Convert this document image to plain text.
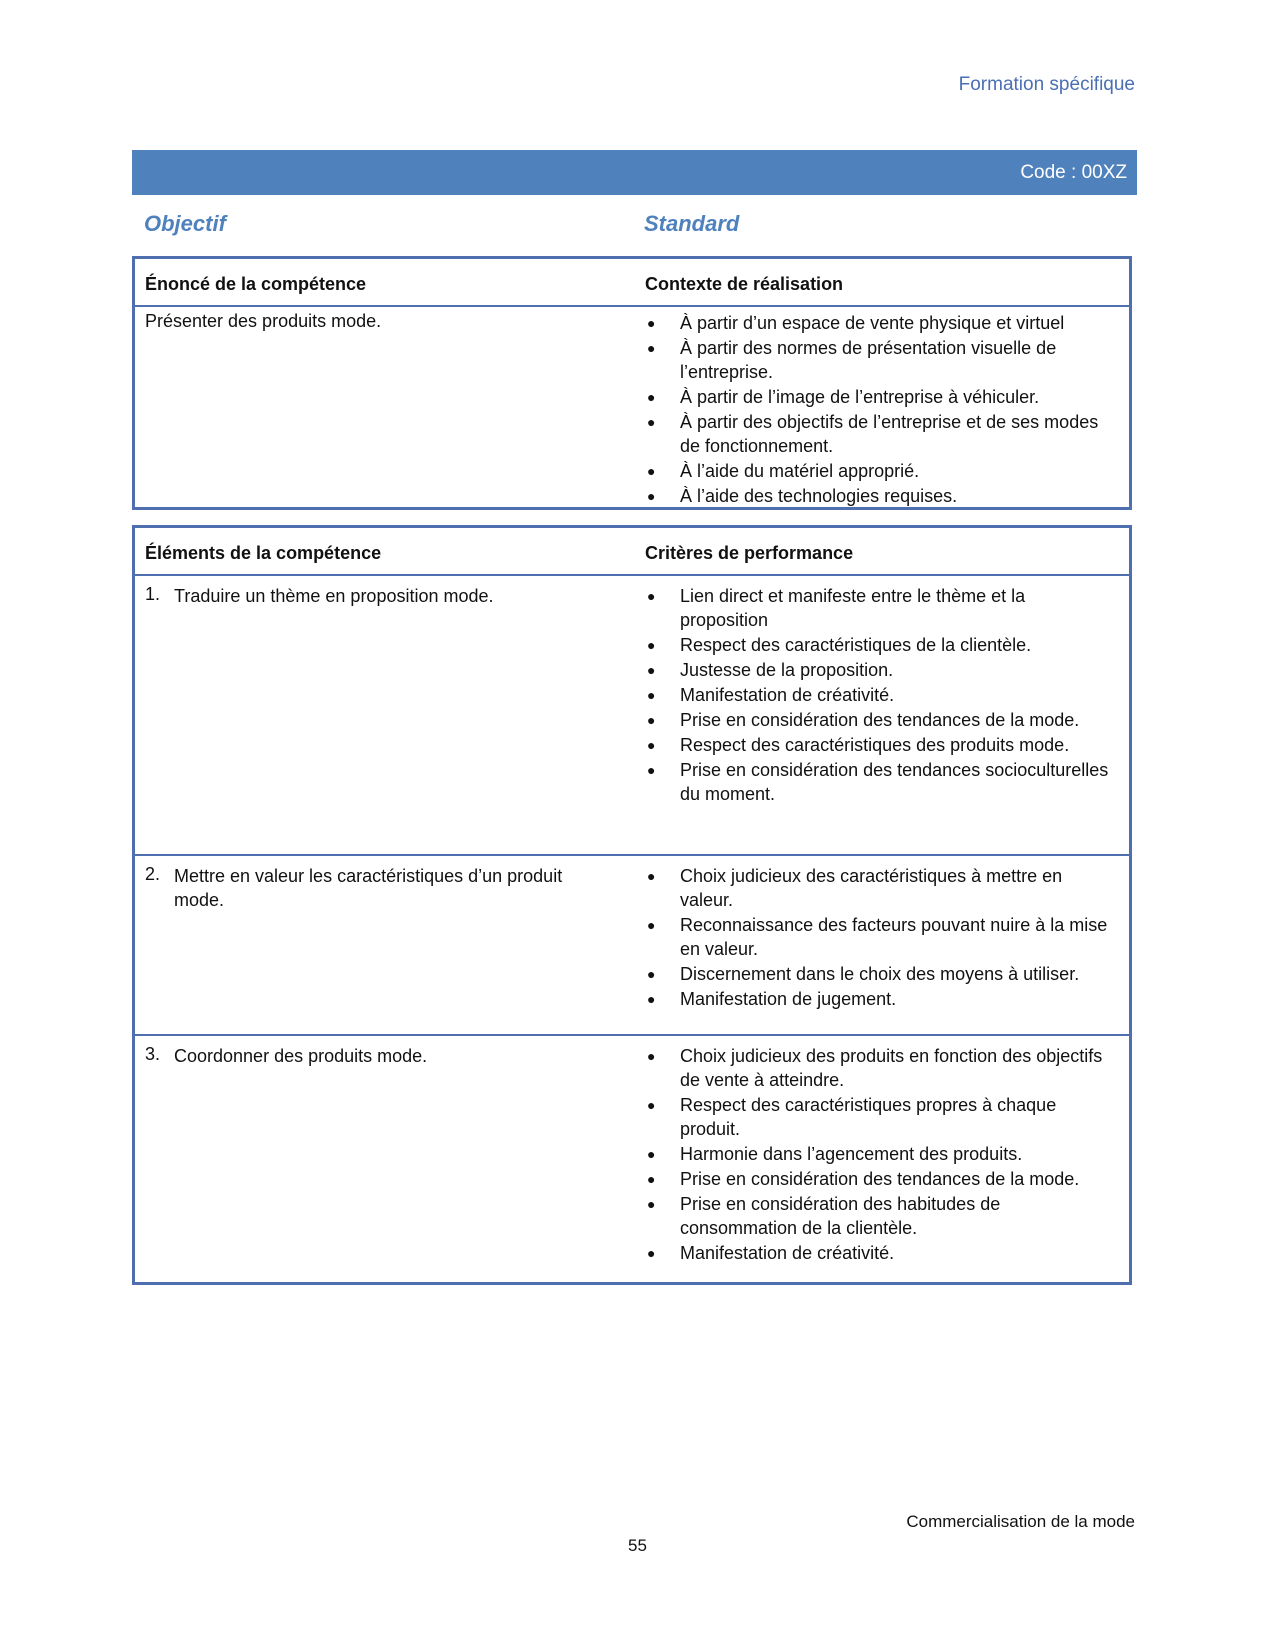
Formation spécifique
Code : 00XZ
Objectif	Standard
Énoncé de la compétence	Contexte de réalisation
Présenter des produits mode.	● À partir d’un espace de vente physique et virtuel
● À partir des normes de présentation visuelle de l’entreprise.
● À partir de l’image de l’entreprise à véhiculer.
● À partir des objectifs de l’entreprise et de ses modes de fonctionnement.
● À l’aide du matériel approprié.
● À l’aide des technologies requises.
Éléments de la compétence	Critères de performance
1. Traduire un thème en proposition mode.	● Lien direct et manifeste entre le thème et la proposition
● Respect des caractéristiques de la clientèle.
● Justesse de la proposition.
● Manifestation de créativité.
● Prise en considération des tendances de la mode.
● Respect des caractéristiques des produits mode.
● Prise en considération des tendances socioculturelles du moment.
2. Mettre en valeur les caractéristiques d’un produit mode.
● Choix judicieux des caractéristiques à mettre en valeur.
● Reconnaissance des facteurs pouvant nuire à la mise en valeur.
● Discernement dans le choix des moyens à utiliser.
● Manifestation de jugement.
3. Coordonner des produits mode.	● Choix judicieux des produits en fonction des objectifs de vente à atteindre.
● Respect des caractéristiques propres à chaque produit.
● Harmonie dans l’agencement des produits.
● Prise en considération des tendances de la mode.
● Prise en considération des habitudes de consommation de la clientèle.
● Manifestation de créativité.
Commercialisation de la mode
55
